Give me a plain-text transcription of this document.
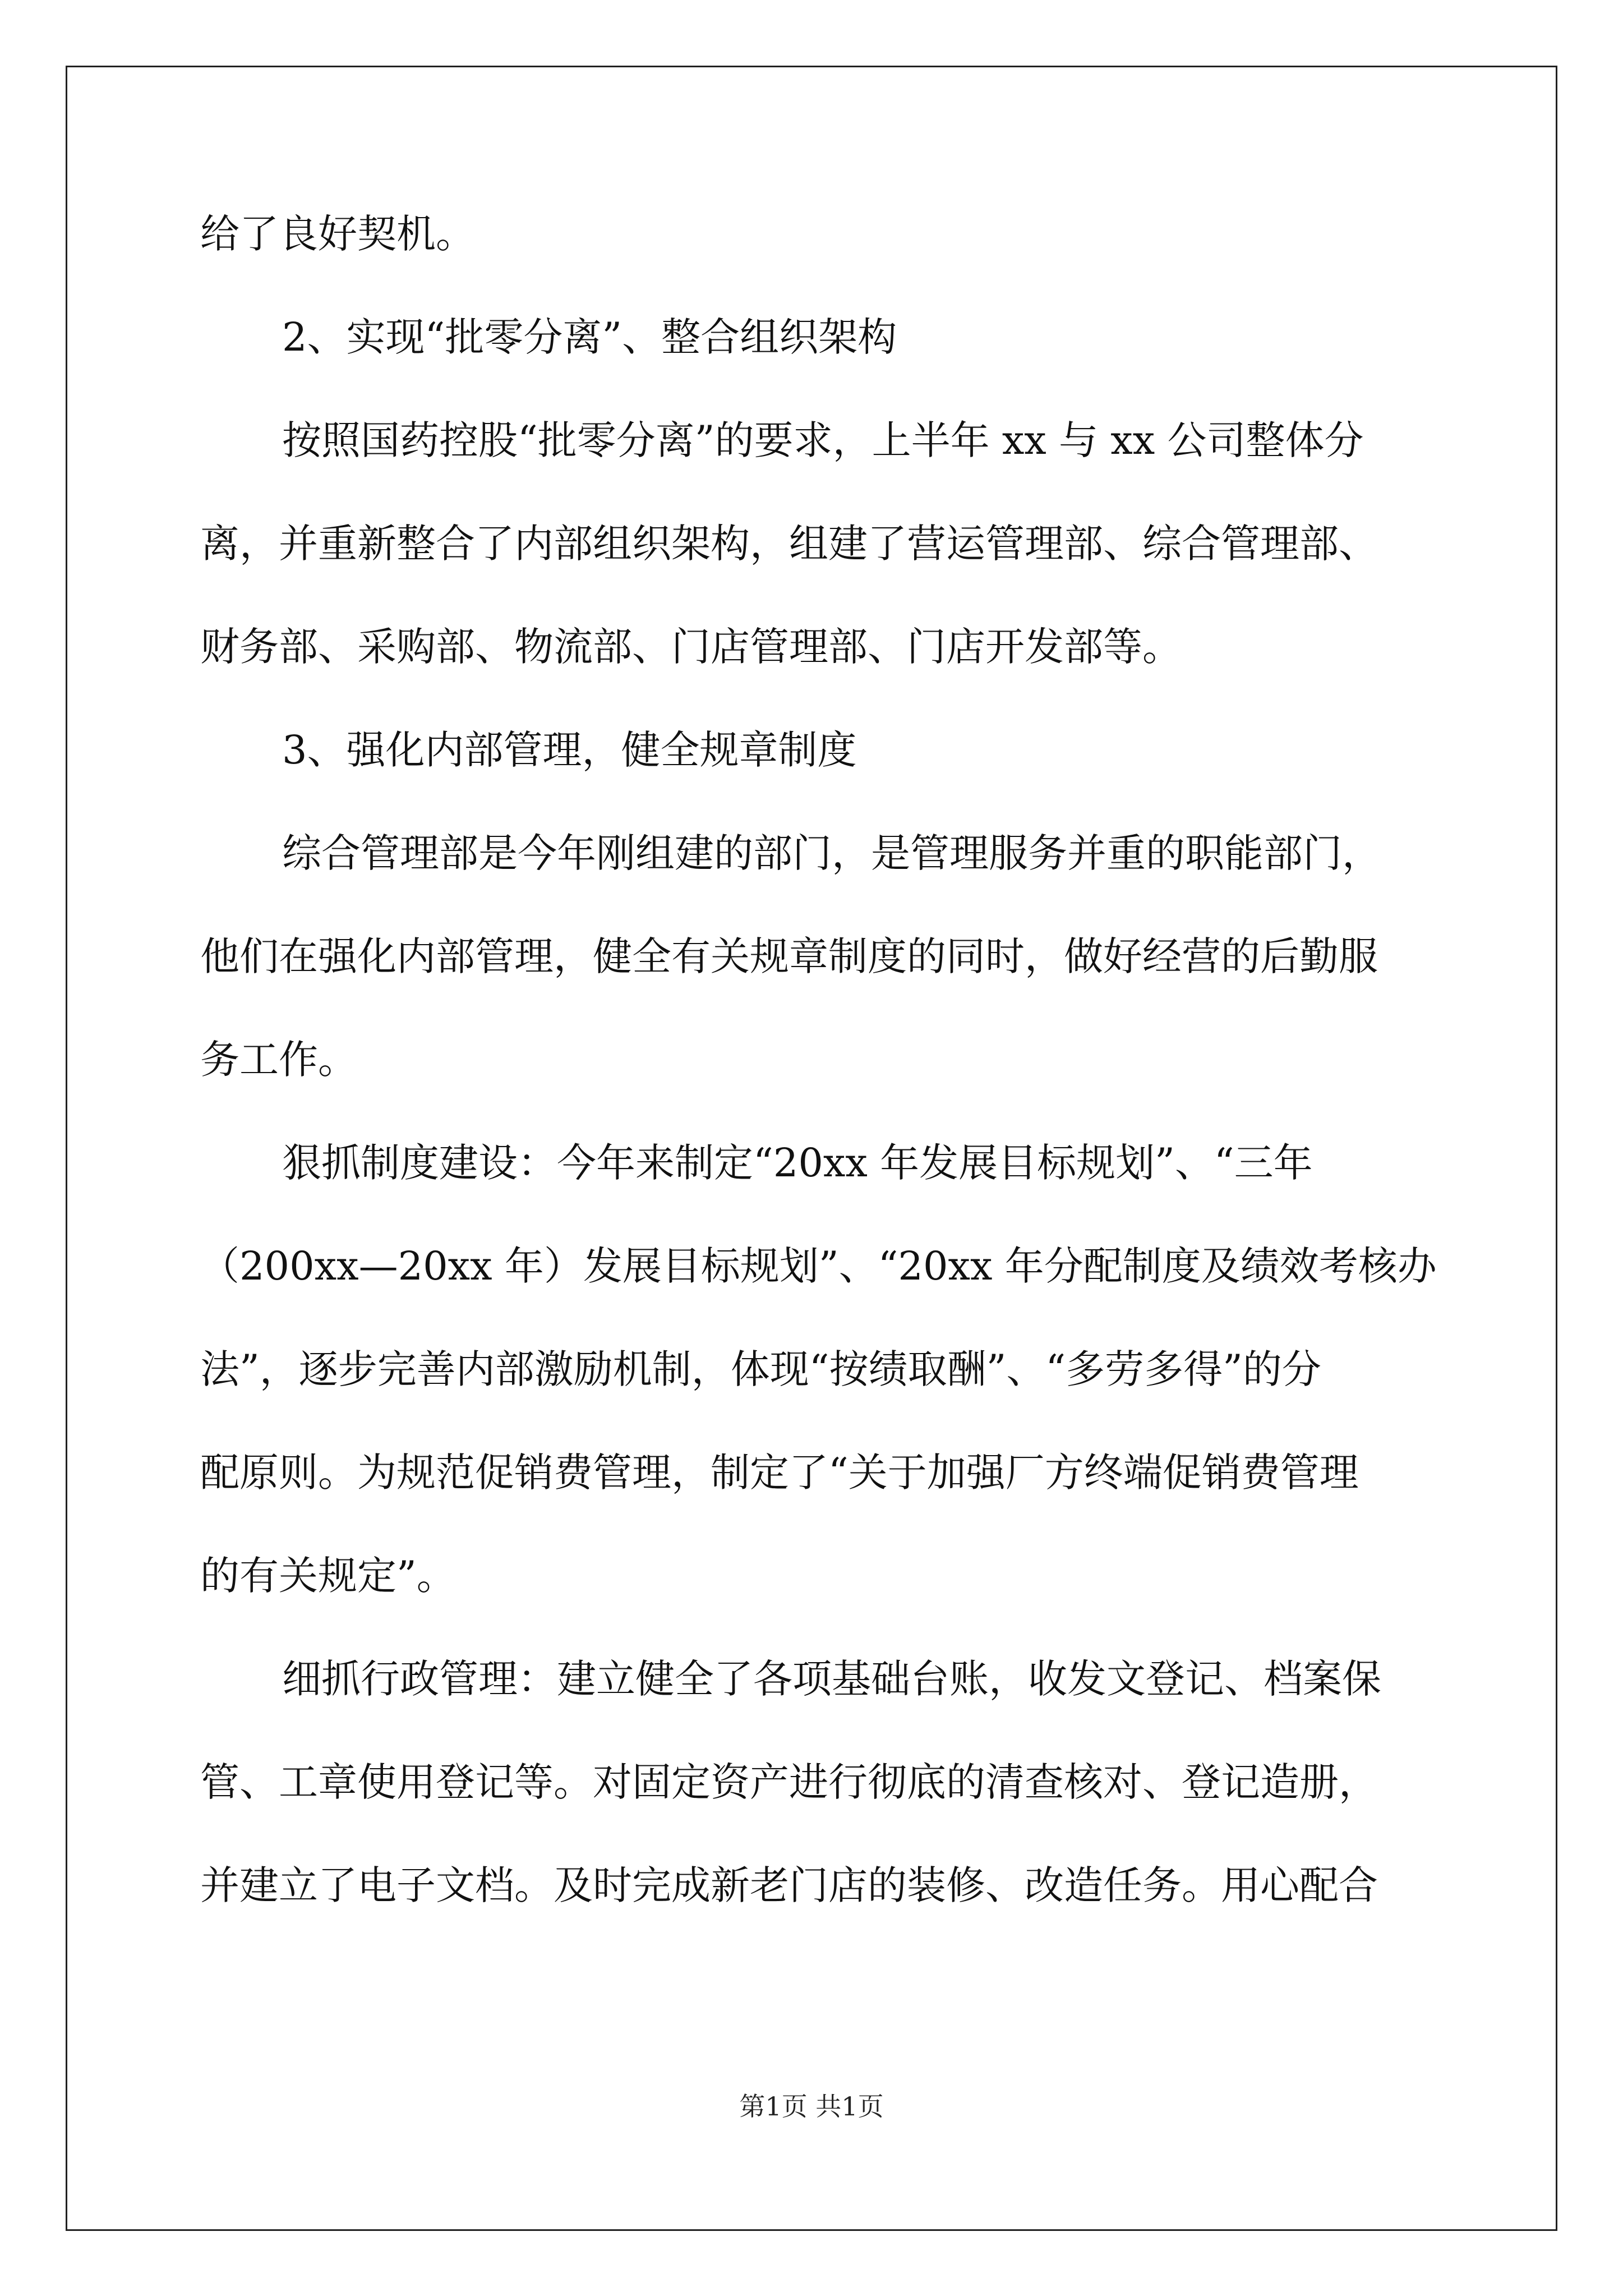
给了良好契机。
2、实现“批零分离”、整合组织架构
按照国药控股“批零分离”的要求，上半年 xx 与 xx 公司整体分
离，并重新整合了内部组织架构，组建了营运管理部、综合管理部、
财务部、采购部、物流部、门店管理部、门店开发部等。
3、强化内部管理，健全规章制度
综合管理部是今年刚组建的部门，是管理服务并重的职能部门，
他们在强化内部管理，健全有关规章制度的同时，做好经营的后勤服
务工作。
狠抓制度建设：今年来制定“20xx 年发展目标规划”、“三年
（200xx—20xx 年）发展目标规划”、“20xx 年分配制度及绩效考核办
法”，逐步完善内部激励机制，体现“按绩取酬”、“多劳多得”的分
配原则。为规范促销费管理，制定了“关于加强厂方终端促销费管理
的有关规定”。
细抓行政管理：建立健全了各项基础台账，收发文登记、档案保
管、工章使用登记等。对固定资产进行彻底的清查核对、登记造册，
并建立了电子文档。及时完成新老门店的装修、改造任务。用心配合
第1页 共1页
